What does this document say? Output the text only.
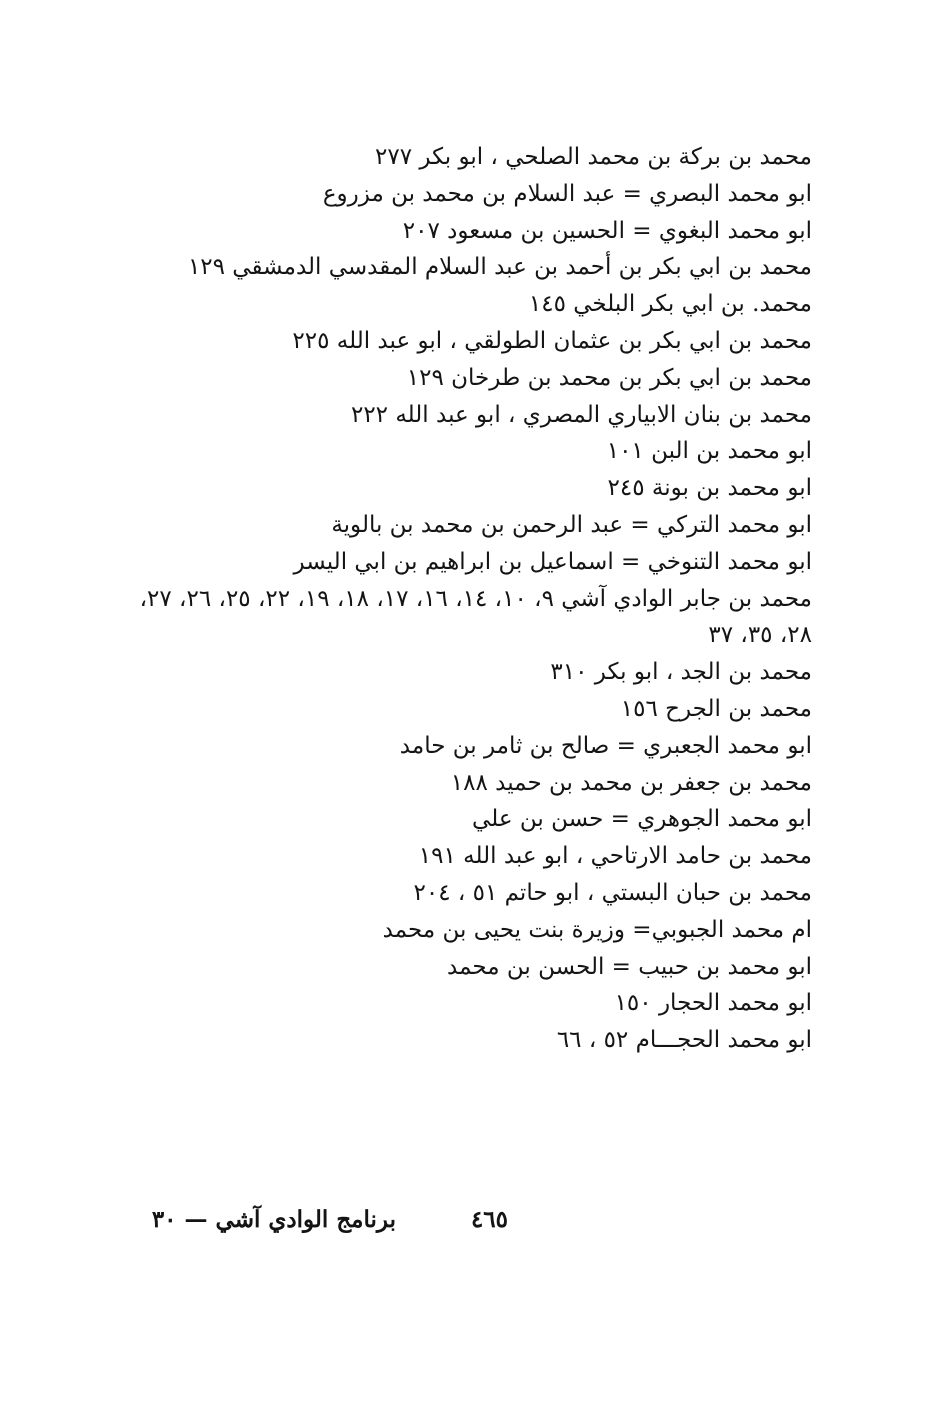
محمد بن بركة بن محمد الصلحي ، ابو بكر ٢٧٧
ابو محمد البصري = عبد السلام بن محمد بن مزروع
ابو محمد البغوي = الحسين بن مسعود ٢٠٧
محمد بن ابي بكر بن أحمد بن عبد السلام المقدسي الدمشقي ١٢٩
محمد. بن ابي بكر البلخي ١٤٥
محمد بن ابي بكر بن عثمان الطولقي ، ابو عبد الله ٢٢٥
محمد بن ابي بكر بن محمد بن طرخان ١٢٩
محمد بن بنان الابياري المصري ، ابو عبد الله ٢٢٢
ابو محمد بن البن ١٠١
ابو محمد بن بونة ٢٤٥
ابو محمد التركي = عبد الرحمن بن محمد بن بالوية
ابو محمد التنوخي = اسماعيل بن ابراهيم بن ابي اليسر
محمد بن جابر الوادي آشي ٩، ١٠، ١٤، ١٦، ١٧، ١٨، ١٩، ٢٢، ٢٥، ٢٦، ٢٧، ٢٨، ٣٥، ٣٧
محمد بن الجد ، ابو بكر ٣١٠
محمد بن الجرح ١٥٦
ابو محمد الجعبري = صالح بن ثامر بن حامد
محمد بن جعفر بن محمد بن حميد ١٨٨
ابو محمد الجوهري = حسن بن علي
محمد بن حامد الارتاحي ، ابو عبد الله ١٩١
محمد بن حبان البستي ، ابو حاتم ٥١ ، ٢٠٤
ام محمد الجبوبي= وزيرة بنت يحيى بن محمد
ابو محمد بن حبيب = الحسن بن محمد
ابو محمد الحجار ١٥٠
ابو محمد الحجـــام ٥٢ ، ٦٦
٤٦٥
برنامج الوادي آشي — ٣٠
